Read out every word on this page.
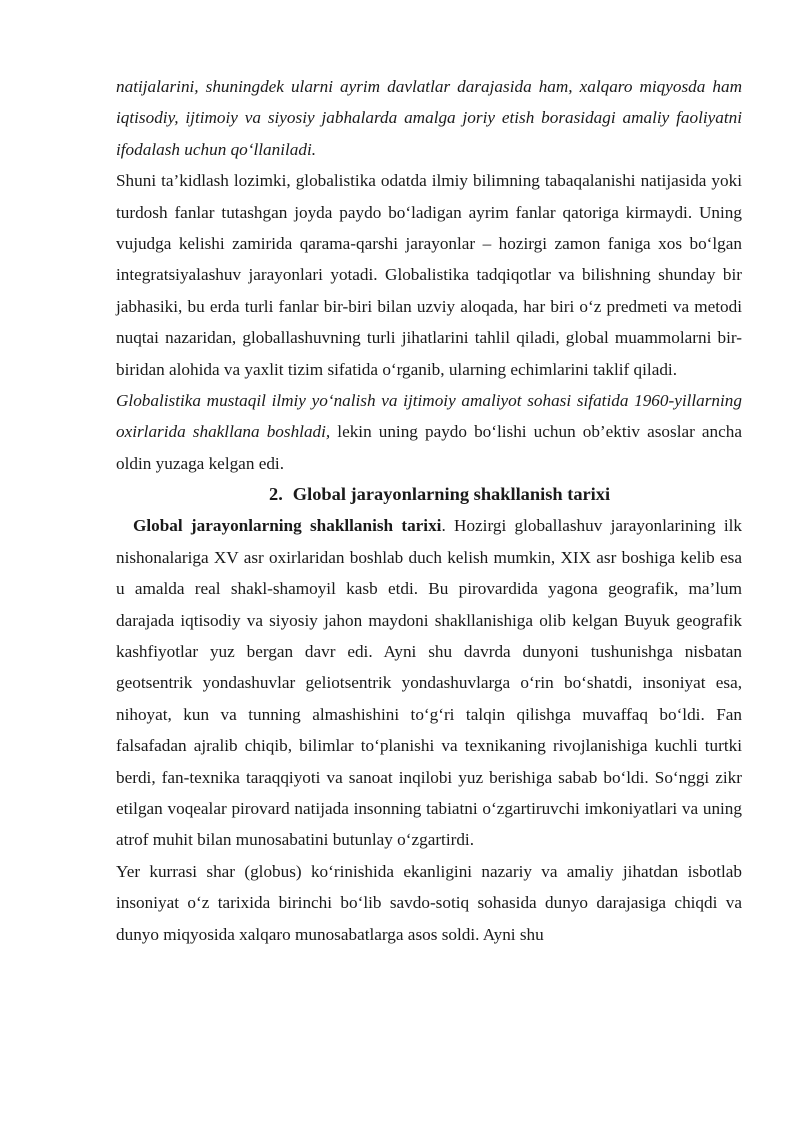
natijalarini, shuningdek ularni ayrim davlatlar darajasida ham, xalqaro miqyosda ham iqtisodiy, ijtimoiy va siyosiy jabhalarda amalga joriy etish borasidagi amaliy faoliyatni ifodalash uchun qo‘llaniladi.

Shuni ta’kidlash lozimki, globalistika odatda ilmiy bilimning tabaqalanishi natijasida yoki turdosh fanlar tutashgan joyda paydo bo‘ladigan ayrim fanlar qatoriga kirmaydi. Uning vujudga kelishi zamirida qarama-qarshi jarayonlar – hozirgi zamon faniga xos bo‘lgan integratsiyalashuv jarayonlari yotadi. Globalistika tadqiqotlar va bilishning shunday bir jabhasiki, bu erda turli fanlar bir-biri bilan uzviy aloqada, har biri o‘z predmeti va metodi nuqtai nazaridan, globallashuvning turli jihatlarini tahlil qiladi, global muammolarni bir-biridan alohida va yaxlit tizim sifatida o‘rganib, ularning echimlarini taklif qiladi.

Globalistika mustaqil ilmiy yo‘nalish va ijtimoiy amaliyot sohasi sifatida 1960-yillarning oxirlarida shakllana boshladi, lekin uning paydo bo‘lishi uchun ob’ektiv asoslar ancha oldin yuzaga kelgan edi.

2. Global jarayonlarning shakllanish tarixi

Global jarayonlarning shakllanish tarixi. Hozirgi globallashuv jarayonlarining ilk nishonalariga XV asr oxirlaridan boshlab duch kelish mumkin, XIX asr boshiga kelib esa u amalda real shakl-shamoyil kasb etdi. Bu pirovardida yagona geografik, ma’lum darajada iqtisodiy va siyosiy jahon maydoni shakllanishiga olib kelgan Buyuk geografik kashfiyotlar yuz bergan davr edi. Ayni shu davrda dunyoni tushunishga nisbatan geotsentrik yondashuvlar geliotsentrik yondashuvlarga o‘rin bo‘shatdi, insoniyat esa, nihoyat, kun va tunning almashishini to‘g‘ri talqin qilishga muvaffaq bo‘ldi. Fan falsafadan ajralib chiqib, bilimlar to‘planishi va texnikaning rivojlanishiga kuchli turtki berdi, fan-texnika taraqqiyoti va sanoat inqilobi yuz berishiga sabab bo‘ldi. So‘nggi zikr etilgan voqealar pirovard natijada insonning tabiatni o‘zgartiruvchi imkoniyatlari va uning atrof muhit bilan munosabatini butunlay o‘zgartirdi.

Yer kurrasi shar (globus) ko‘rinishida ekanligini nazariy va amaliy jihatdan isbotlab insoniyat o‘z tarixida birinchi bo‘lib savdo-sotiq sohasida dunyo darajasiga chiqdi va dunyo miqyosida xalqaro munosabatlarga asos soldi. Ayni shu
